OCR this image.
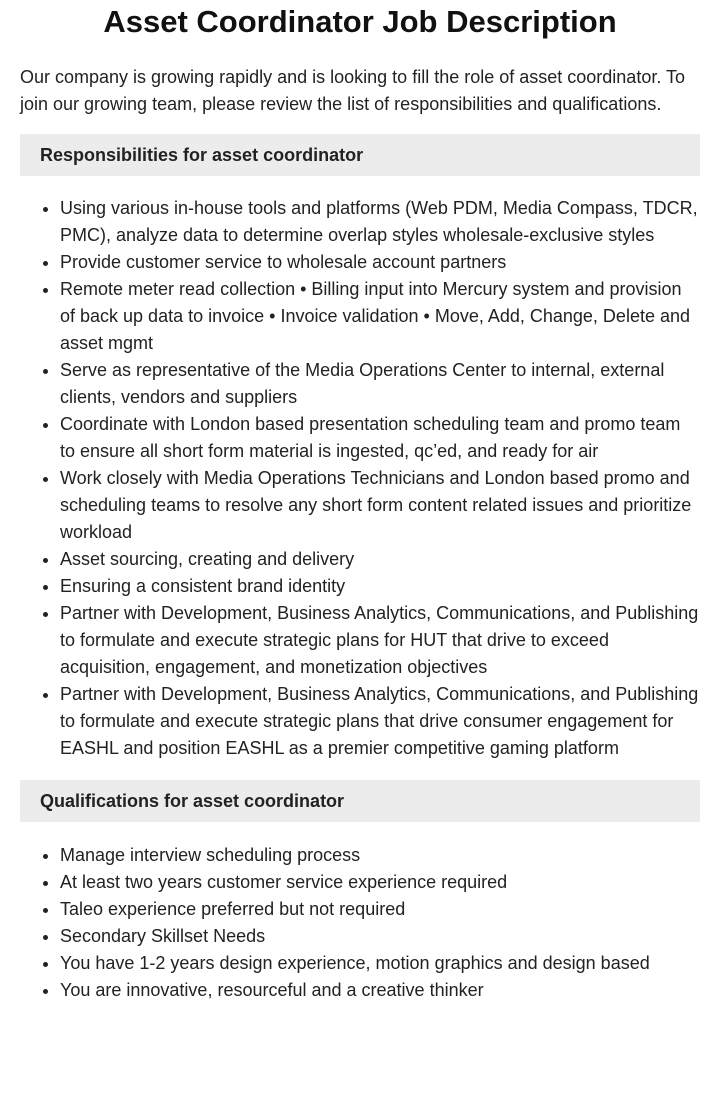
Asset Coordinator Job Description

Our company is growing rapidly and is looking to fill the role of asset coordinator. To join our growing team, please review the list of responsibilities and qualifications.

Responsibilities for asset coordinator
• Using various in-house tools and platforms (Web PDM, Media Compass, TDCR, PMC), analyze data to determine overlap styles wholesale-exclusive styles
• Provide customer service to wholesale account partners
• Remote meter read collection • Billing input into Mercury system and provision of back up data to invoice • Invoice validation • Move, Add, Change, Delete and asset mgmt
• Serve as representative of the Media Operations Center to internal, external clients, vendors and suppliers
• Coordinate with London based presentation scheduling team and promo team to ensure all short form material is ingested, qc’ed, and ready for air
• Work closely with Media Operations Technicians and London based promo and scheduling teams to resolve any short form content related issues and prioritize workload
• Asset sourcing, creating and delivery
• Ensuring a consistent brand identity
• Partner with Development, Business Analytics, Communications, and Publishing to formulate and execute strategic plans for HUT that drive to exceed acquisition, engagement, and monetization objectives
• Partner with Development, Business Analytics, Communications, and Publishing to formulate and execute strategic plans that drive consumer engagement for EASHL and position EASHL as a premier competitive gaming platform
Qualifications for asset coordinator
• Manage interview scheduling process
• At least two years customer service experience required
• Taleo experience preferred but not required
• Secondary Skillset Needs
• You have 1-2 years design experience, motion graphics and design based
• You are innovative, resourceful and a creative thinker
